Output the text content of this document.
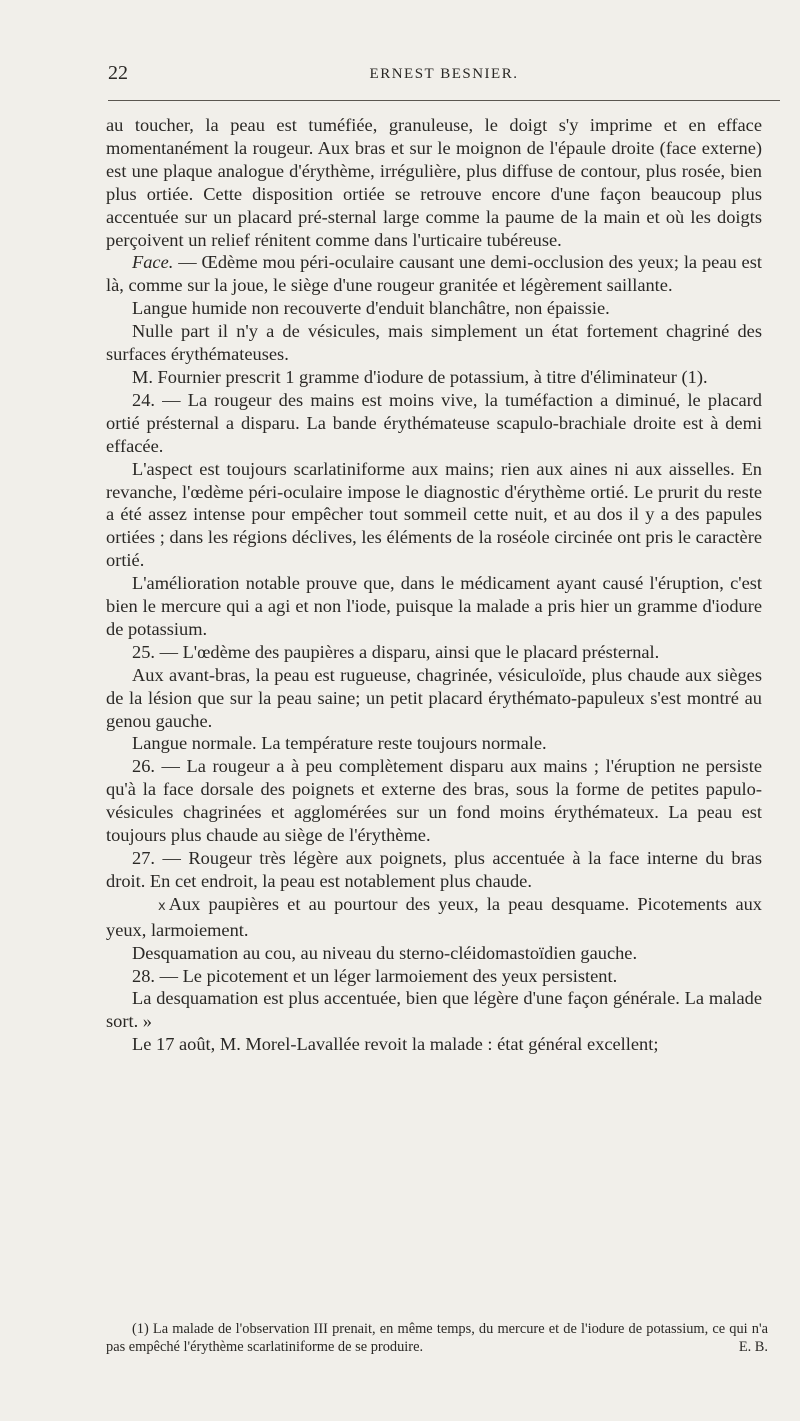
22	ERNEST BESNIER.

au toucher, la peau est tuméfiée, granuleuse, le doigt s'y imprime et en efface momentanément la rougeur. Aux bras et sur le moignon de l'épaule droite (face externe) est une plaque analogue d'érythème, irrégulière, plus diffuse de contour, plus rosée, bien plus ortiée. Cette disposition ortiée se retrouve encore d'une façon beaucoup plus accentuée sur un placard pré-sternal large comme la paume de la main et où les doigts perçoivent un relief rénitent comme dans l'urticaire tubéreuse.

Face. — Œdème mou péri-oculaire causant une demi-occlusion des yeux; la peau est là, comme sur la joue, le siège d'une rougeur granitée et légèrement saillante.

Langue humide non recouverte d'enduit blanchâtre, non épaissie.

Nulle part il n'y a de vésicules, mais simplement un état fortement chagriné des surfaces érythémateuses.

M. Fournier prescrit 1 gramme d'iodure de potassium, à titre d'éliminateur (1).

24. — La rougeur des mains est moins vive, la tuméfaction a diminué, le placard ortié présternal a disparu. La bande érythémateuse scapulo-brachiale droite est à demi effacée.

L'aspect est toujours scarlatiniforme aux mains; rien aux aines ni aux aisselles. En revanche, l'œdème péri-oculaire impose le diagnostic d'érythème ortié. Le prurit du reste a été assez intense pour empêcher tout sommeil cette nuit, et au dos il y a des papules ortiées ; dans les régions déclives, les éléments de la roséole circinée ont pris le caractère ortié.

L'amélioration notable prouve que, dans le médicament ayant causé l'éruption, c'est bien le mercure qui a agi et non l'iode, puisque la malade a pris hier un gramme d'iodure de potassium.

25. — L'œdème des paupières a disparu, ainsi que le placard présternal.

Aux avant-bras, la peau est rugueuse, chagrinée, vésiculoïde, plus chaude aux sièges de la lésion que sur la peau saine; un petit placard érythémato-papuleux s'est montré au genou gauche.

Langue normale. La température reste toujours normale.

26. — La rougeur a à peu complètement disparu aux mains ; l'éruption ne persiste qu'à la face dorsale des poignets et externe des bras, sous la forme de petites papulo-vésicules chagrinées et agglomérées sur un fond moins érythémateux. La peau est toujours plus chaude au siège de l'érythème.

27. — Rougeur très légère aux poignets, plus accentuée à la face interne du bras droit. En cet endroit, la peau est notablement plus chaude.

x Aux paupières et au pourtour des yeux, la peau desquame. Picotements aux yeux, larmoiement.

Desquamation au cou, au niveau du sterno-cléidomastoïdien gauche.

28. — Le picotement et un léger larmoiement des yeux persistent.

La desquamation est plus accentuée, bien que légère d'une façon générale. La malade sort. »

Le 17 août, M. Morel-Lavallée revoit la malade : état général excellent;

(1) La malade de l'observation III prenait, en même temps, du mercure et de l'iodure de potassium, ce qui n'a pas empêché l'érythème scarlatiniforme de se produire.	E. B.
